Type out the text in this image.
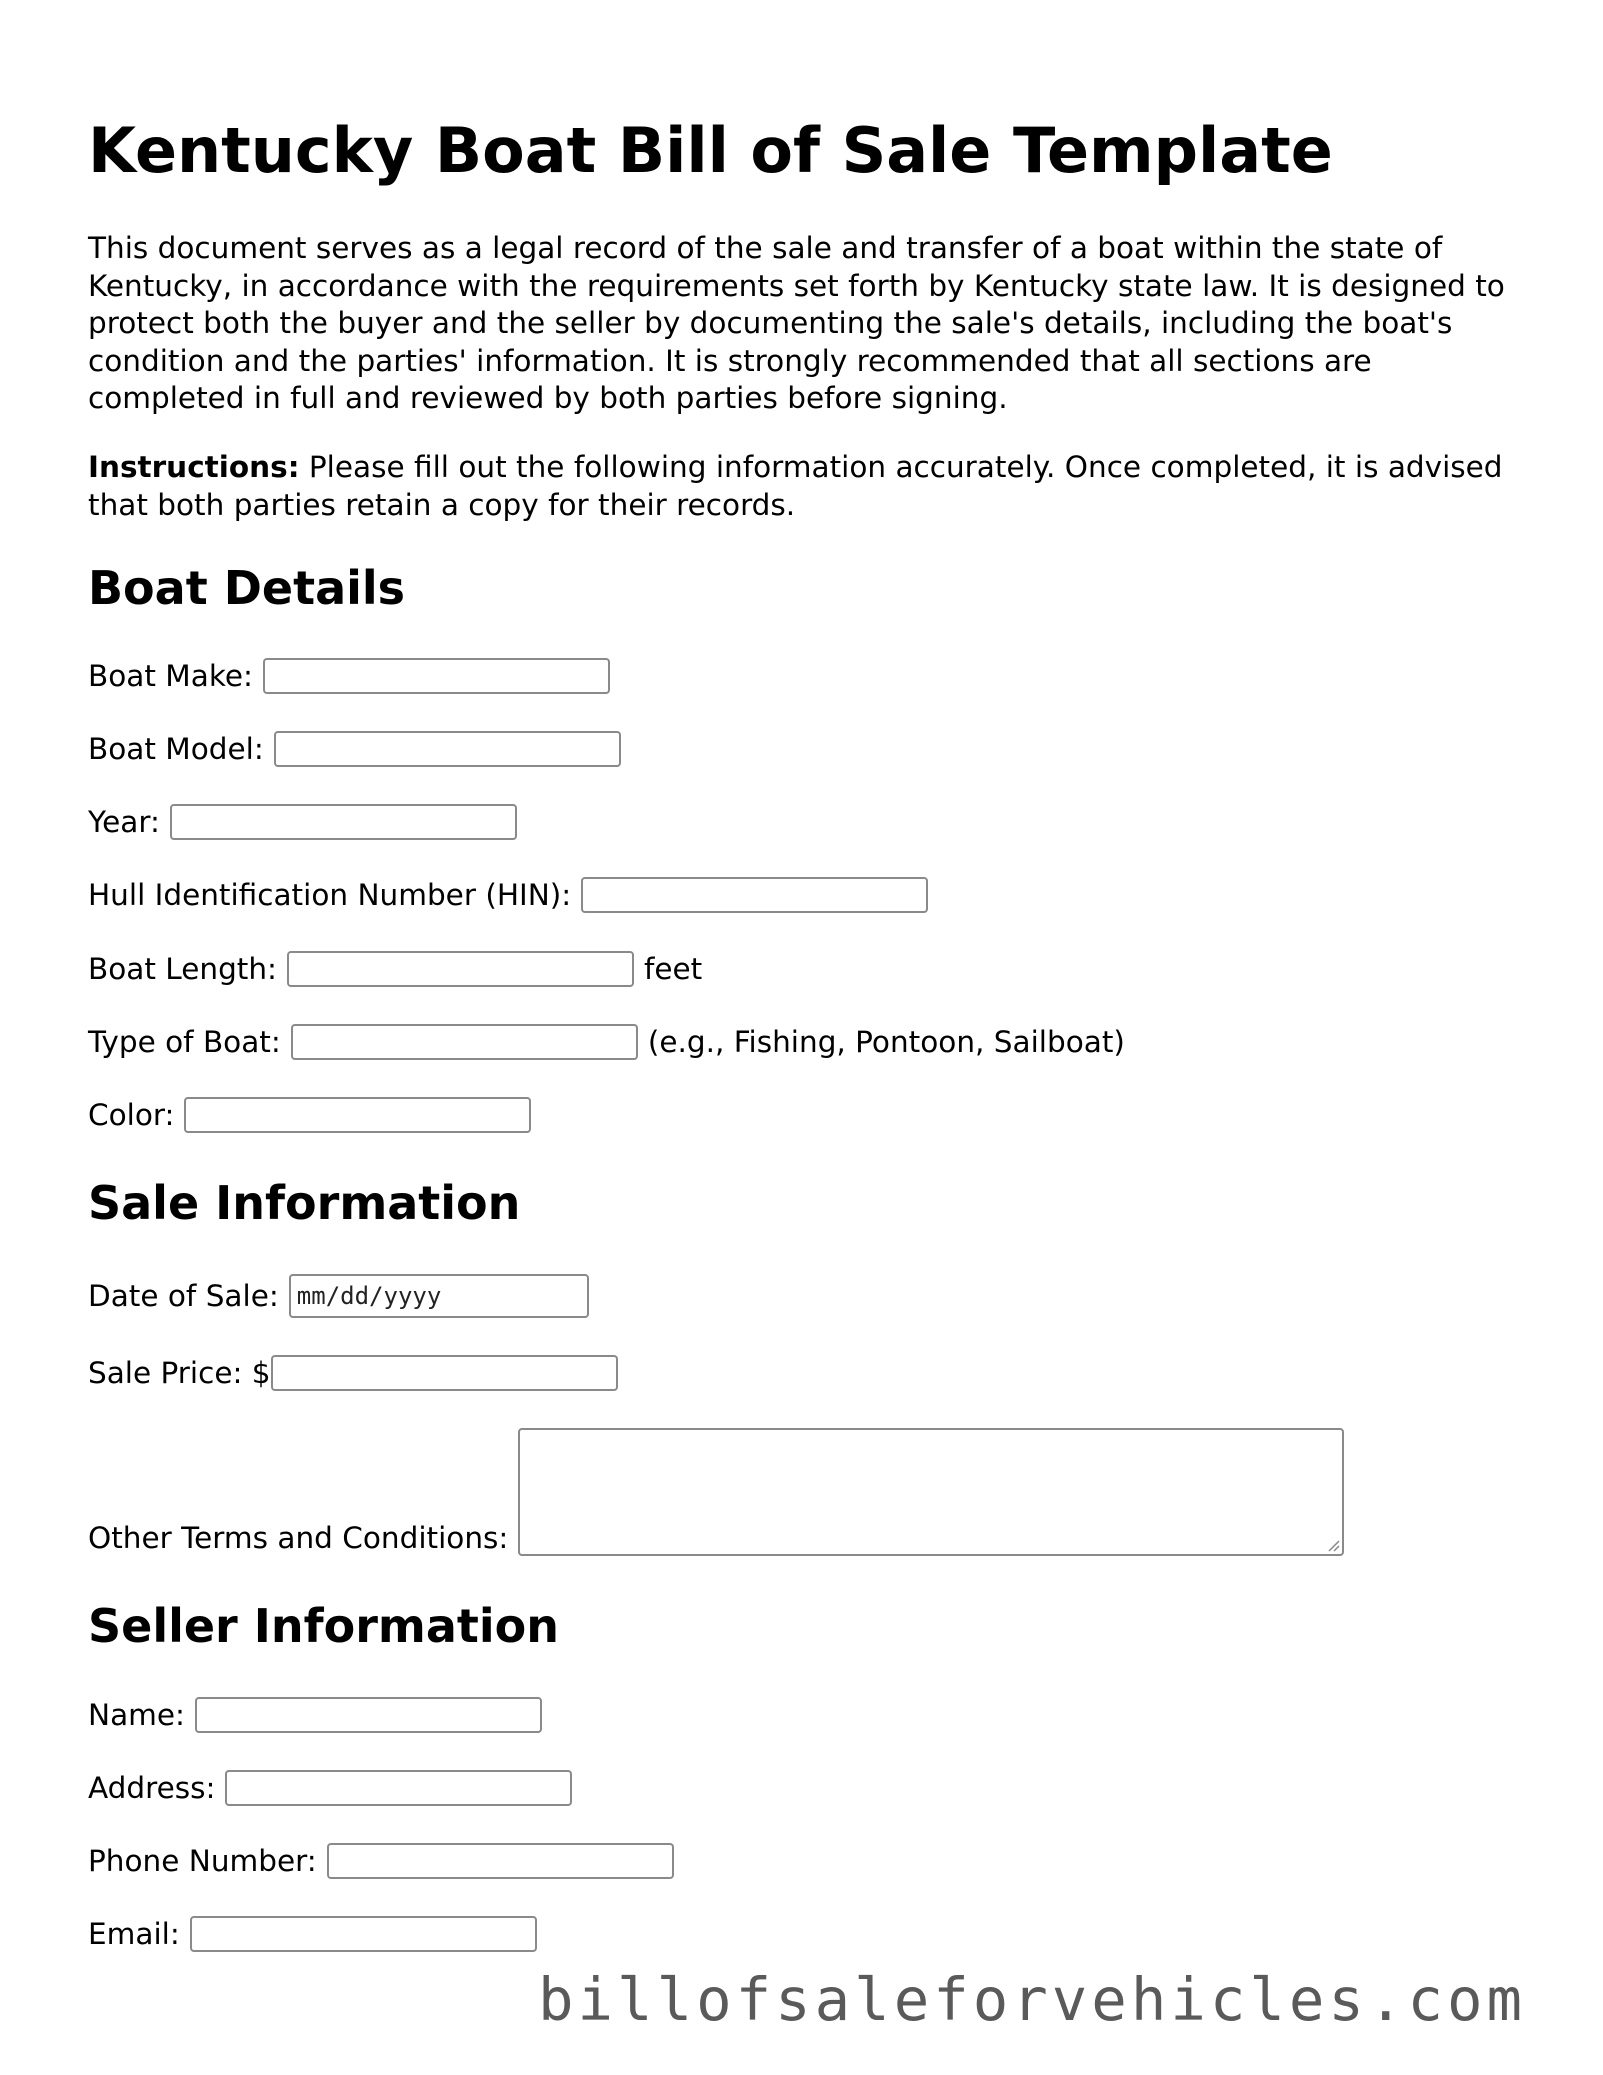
Kentucky Boat Bill of Sale Template

This document serves as a legal record of the sale and transfer of a boat within the state of Kentucky, in accordance with the requirements set forth by Kentucky state law. It is designed to protect both the buyer and the seller by documenting the sale's details, including the boat's condition and the parties' information. It is strongly recommended that all sections are completed in full and reviewed by both parties before signing.

Instructions: Please fill out the following information accurately. Once completed, it is advised that both parties retain a copy for their records.

Boat Details
Boat Make:
Boat Model:
Year:
Hull Identification Number (HIN):
Boat Length:	feet
Type of Boat:	(e.g., Fishing, Pontoon, Sailboat)
Color:
Sale Information
Date of Sale: mm/dd/yyyy
Sale Price: $
Other Terms and Conditions:
Seller Information
Name:
Address:
Phone Number:
Email:
billofsaleforvehicles.com
